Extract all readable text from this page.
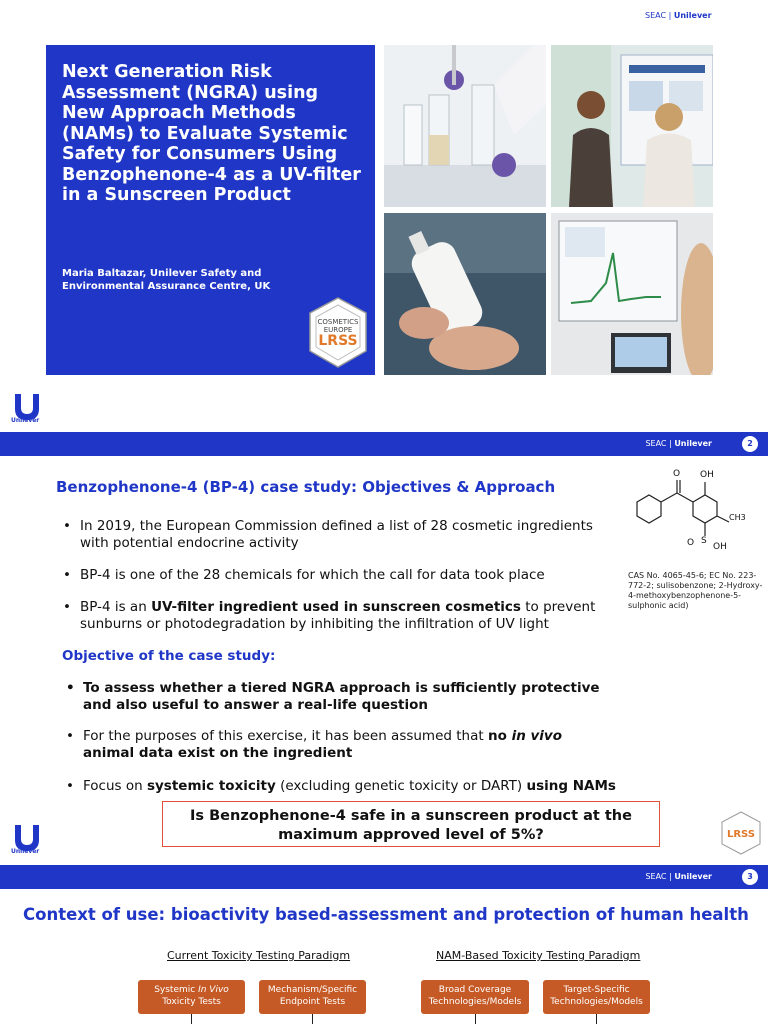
SEAC | Unilever
Next Generation Risk Assessment (NGRA) using New Approach Methods (NAMs) to Evaluate Systemic Safety for Consumers Using Benzophenone-4 as a UV-filter in a Sunscreen Product
Maria Baltazar, Unilever Safety and Environmental Assurance Centre, UK
COSMETICS
EUROPE
LRSS
Unilever
SEAC | Unilever	2
Benzophenone-4 (BP-4) case study: Objectives & Approach
• In 2019, the European Commission defined a list of 28 cosmetic ingredients with potential endocrine activity
• BP-4 is one of the 28 chemicals for which the call for data took place
• BP-4 is an UV-filter ingredient used in sunscreen cosmetics to prevent sunburns or photodegradation by inhibiting the infiltration of UV light
Objective of the case study:
• To assess whether a tiered NGRA approach is sufficiently protective and also useful to answer a real-life question
• For the purposes of this exercise, it has been assumed that no in vivo animal data exist on the ingredient
• Focus on systemic toxicity (excluding genetic toxicity or DART) using NAMs
Is Benzophenone-4 safe in a sunscreen product at the maximum approved level of 5%?
O OH
CH3
S
O OH
CAS No. 4065-45-6; EC No. 223-772-2; sulisobenzone; 2-Hydroxy-4-methoxybenzophenone-5-sulphonic acid)
Unilever
LRSS
SEAC | Unilever	3
Context of use: bioactivity based-assessment and protection of human health
Current Toxicity Testing Paradigm	NAM-Based Toxicity Testing Paradigm
Systemic In Vivo
Toxicity Tests
Mechanism/Specific Endpoint Tests
Broad Coverage Technologies/Models
Target-Specific Technologies/Models
